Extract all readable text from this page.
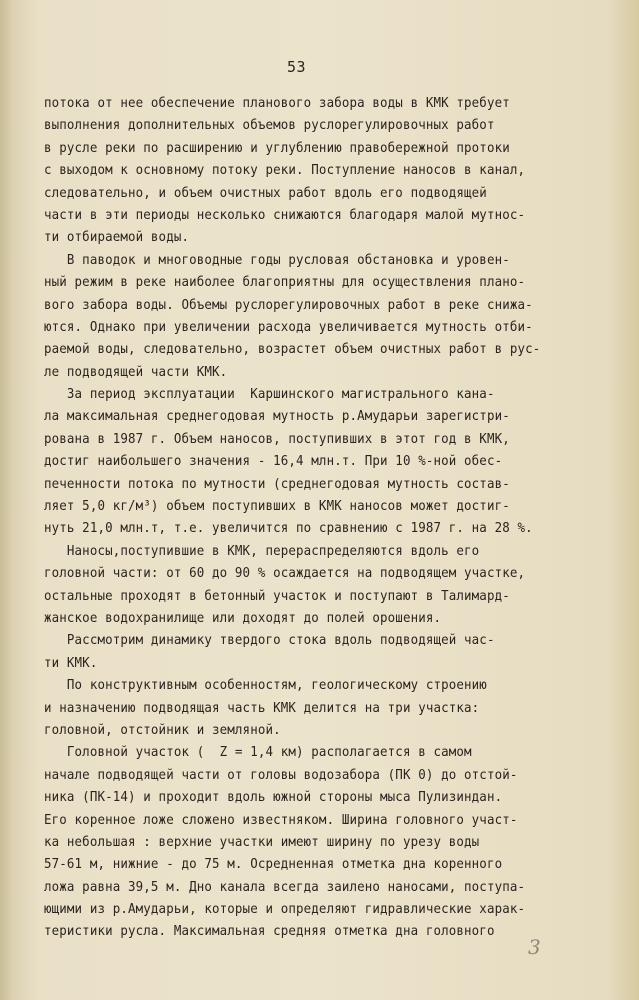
53
потока от нее обеспечение планового забора воды в КМК требует
выполнения дополнительных объемов руслорегулировочных работ
в русле реки по расширению и углублению правобережной протоки
с выходом к основному потоку реки. Поступление наносов в канал,
следовательно, и объем очистных работ вдоль его подводящей
части в эти периоды несколько снижаются благодаря малой мутнос-
ти отбираемой воды.
В паводок и многоводные годы русловая обстановка и уровен-
ный режим в реке наиболее благоприятны для осуществления плано-
вого забора воды. Объемы руслорегулировочных работ в реке снижа-
ются. Однако при увеличении расхода увеличивается мутность отби-
раемой воды, следовательно, возрастет объем очистных работ в рус-
ле подводящей части КМК.
За период эксплуатации  Каршинского магистрального кана-
ла максимальная среднегодовая мутность р.Амударьи зарегистри-
рована в 1987 г. Объем наносов, поступивших в этот год в КМК,
достиг наибольшего значения - 16,4 млн.т. При 10 %-ной обес-
печенности потока по мутности (среднегодовая мутность состав-
ляет 5,0 кг/м³) объем поступивших в КМК наносов может достиг-
нуть 21,0 млн.т, т.е. увеличится по сравнению с 1987 г. на 28 %.
Наносы,поступившие в КМК, перераспределяются вдоль его
головной части: от 60 до 90 % осаждается на подводящем участке,
остальные проходят в бетонный участок и поступают в Талимард-
жанское водохранилище или доходят до полей орошения.
Рассмотрим динамику твердого стока вдоль подводящей час-
ти КМК.
По конструктивным особенностям, геологическому строению
и назначению подводящая часть КМК делится на три участка:
головной, отстойник и земляной.
Головной участок (  Z = 1,4 км) располагается в самом
начале подводящей части от головы водозабора (ПК 0) до отстой-
ника (ПК-14) и проходит вдоль южной стороны мыса Пулизиндан.
Его коренное ложе сложено известняком. Ширина головного участ-
ка небольшая : верхние участки имеют ширину по урезу воды
57-61 м, нижние - до 75 м. Осредненная отметка дна коренного
ложа равна 39,5 м. Дно канала всегда заилено наносами, поступа-
ющими из р.Амударьи, которые и определяют гидравлические харак-
теристики русла. Максимальная средняя отметка дна головного
3
